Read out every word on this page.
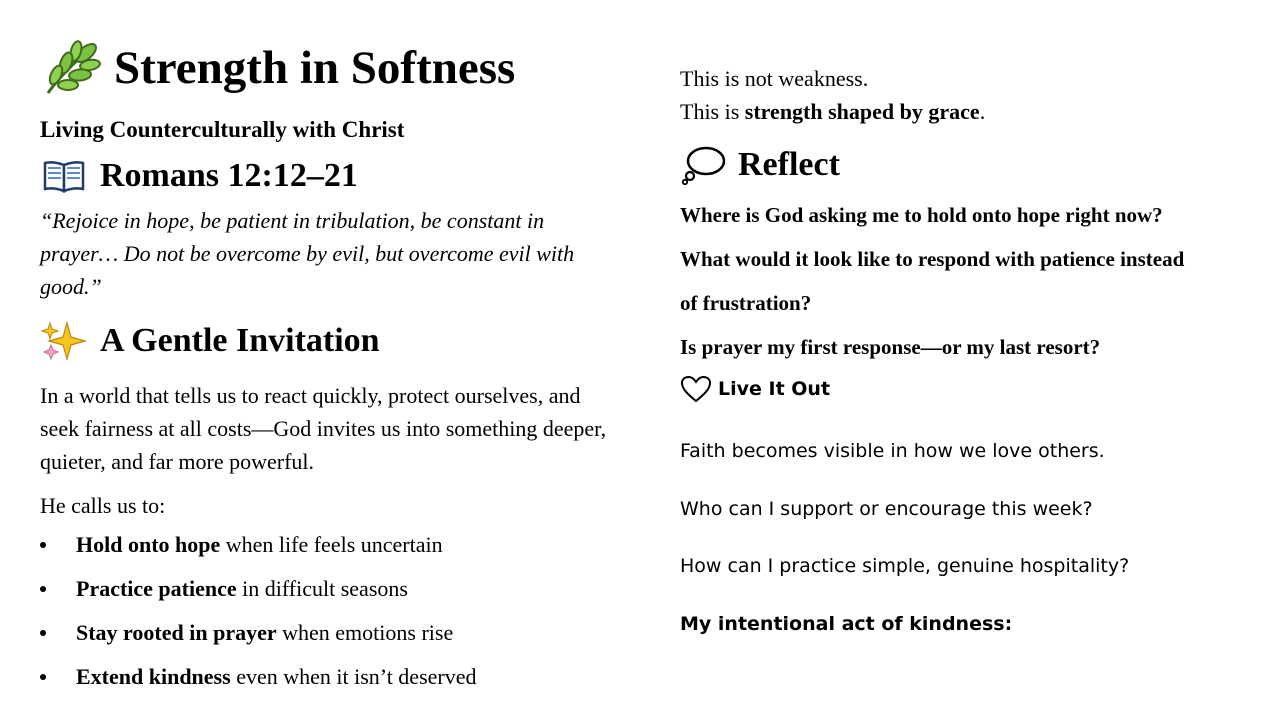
Strength in Softness
Living Counterculturally with Christ
Romans 12:12–21
“Rejoice in hope, be patient in tribulation, be constant in
prayer… Do not be overcome by evil, but overcome evil with
good.”
A Gentle Invitation
In a world that tells us to react quickly, protect ourselves, and
seek fairness at all costs—God invites us into something deeper,
quieter, and far more powerful.
He calls us to:
Hold onto hope when life feels uncertain
Practice patience in difficult seasons
Stay rooted in prayer when emotions rise
Extend kindness even when it isn’t deserved
This is not weakness.
This is strength shaped by grace.
Reflect
Where is God asking me to hold onto hope right now?
What would it look like to respond with patience instead
of frustration?
Is prayer my first response—or my last resort?
Live It Out

Faith becomes visible in how we love others.

Who can I support or encourage this week?

How can I practice simple, genuine hospitality?

My intentional act of kindness:
